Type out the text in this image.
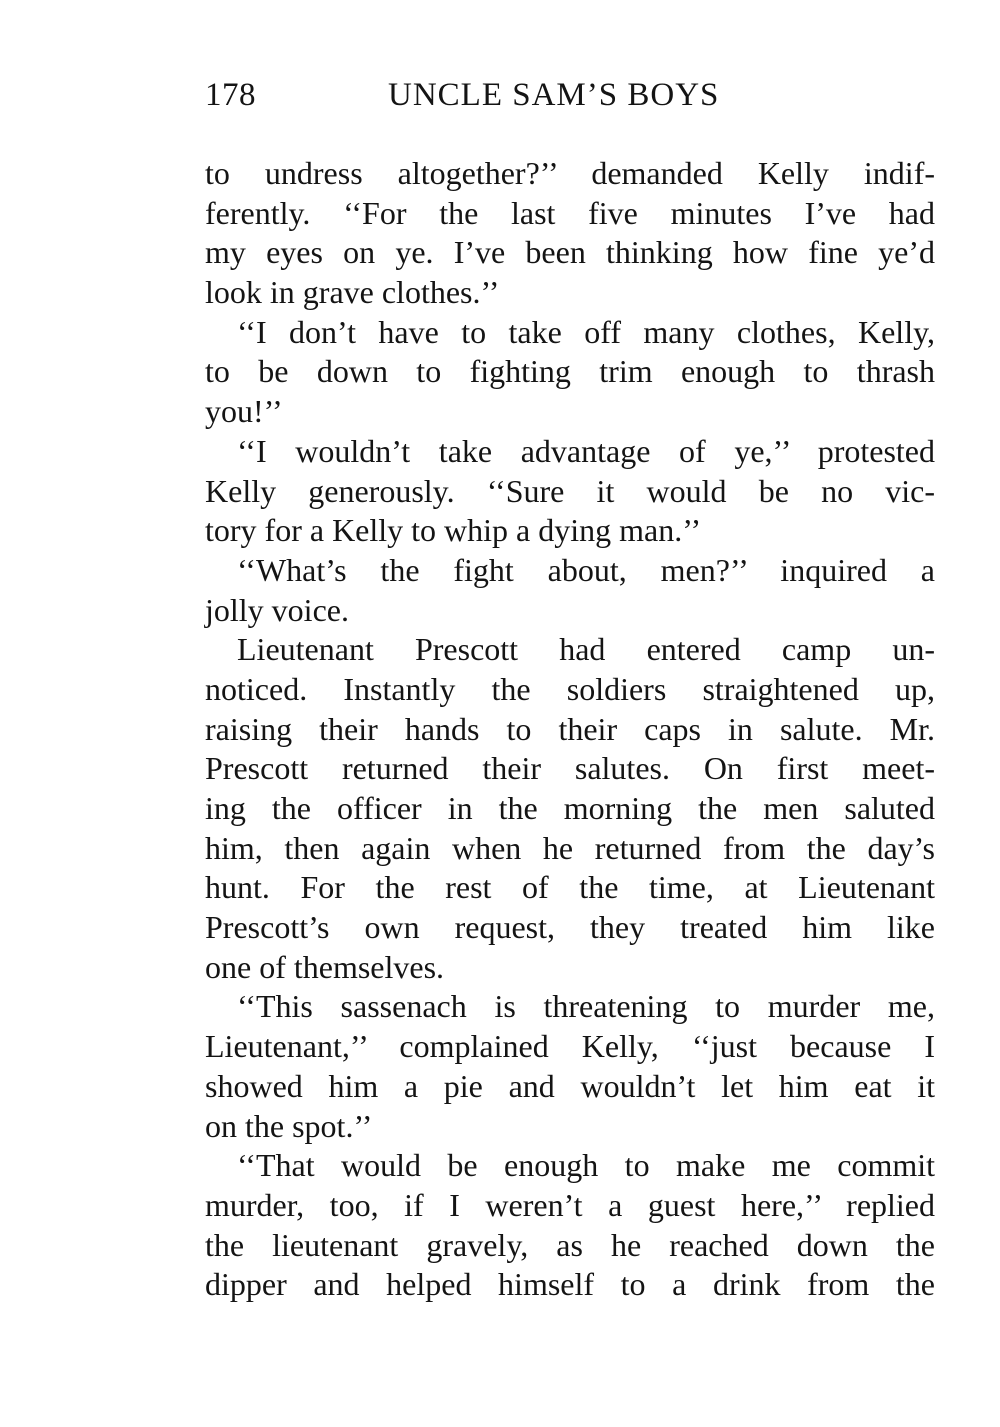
178	UNCLE SAM’S BOYS
to undress altogether?’’ demanded Kelly indif-
ferently. ‘‘For the last five minutes I’ve had
my eyes on ye. I’ve been thinking how fine ye’d
look in grave clothes.’’
‘‘I don’t have to take off many clothes, Kelly,
to be down to fighting trim enough to thrash
you!’’
‘‘I wouldn’t take advantage of ye,’’ protested
Kelly generously. ‘‘Sure it would be no vic-
tory for a Kelly to whip a dying man.’’
‘‘What’s the fight about, men?’’ inquired a
jolly voice.
Lieutenant Prescott had entered camp un-
noticed. Instantly the soldiers straightened up,
raising their hands to their caps in salute. Mr.
Prescott returned their salutes. On first meet-
ing the officer in the morning the men saluted
him, then again when he returned from the day’s
hunt. For the rest of the time, at Lieutenant
Prescott’s own request, they treated him like
one of themselves.
‘‘This sassenach is threatening to murder me,
Lieutenant,’’ complained Kelly, ‘‘just because I
showed him a pie and wouldn’t let him eat it
on the spot.’’
‘‘That would be enough to make me commit
murder, too, if I weren’t a guest here,’’ replied
the lieutenant gravely, as he reached down the
dipper and helped himself to a drink from the
